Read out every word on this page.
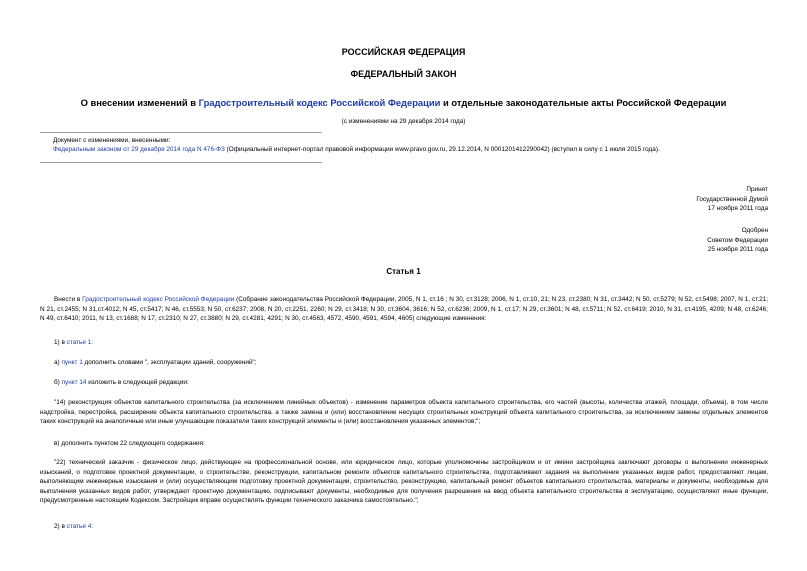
РОССИЙСКАЯ ФЕДЕРАЦИЯ
ФЕДЕРАЛЬНЫЙ ЗАКОН
О внесении изменений в Градостроительный кодекс Российской Федерации и отдельные законодательные акты Российской Федерации
(с изменениями на 29 декабря 2014 года)
Документ с изменениями, внесенными:
Федеральным законом от 29 декабря 2014 года N 476-ФЗ (Официальный интернет-портал правовой информации www.pravo.gov.ru, 29.12.2014, N 0001201412290042) (вступил в силу с 1 июля 2015 года).
Принят
Государственной Думой
17 ноября 2011 года
Одобрен
Советом Федерации
25 ноября 2011 года
Статья 1
Внести в Градостроительный кодекс Российской Федерации (Собрание законодательства Российской Федерации, 2005, N 1, ст.16 ; N 30, ст.3128; 2006, N 1, ст.10, 21; N 23, ст.2380; N 31, ст.3442; N 50, ст.5279; N 52, ст.5498; 2007, N 1, ст.21; N 21, ст.2455; N 31,ст.4012; N 45, ст.5417; N 46, ст.5553; N 50, ст.6237; 2008, N 20, ст.2251, 2260; N 29, ст.3418; N 30, ст.3604, 3616; N 52, ст.6236; 2009, N 1, ст.17; N 29, ст.3601; N 48, ст.5711; N 52, ст.6419; 2010, N 31, ст.4195, 4209; N 48, ст.6246; N 49, ст.6410; 2011, N 13, ст.1688; N 17, ст.2310; N 27, ст.3880; N 29, ст.4281, 4291; N 30, ст.4563, 4572, 4590, 4591, 4594, 4605) следующие изменения:
1) в статье 1:
а) пункт 1 дополнить словами ", эксплуатации зданий, сооружений";
б) пункт 14 изложить в следующей редакции:
"14) реконструкция объектов капитального строительства (за исключением линейных объектов) - изменение параметров объекта капитального строительства, его частей (высоты, количества этажей, площади, объема), в том числе надстройка, перестройка, расширение объекта капитального строительства, а также замена и (или) восстановление несущих строительных конструкций объекта капитального строительства, за исключением замены отдельных элементов таких конструкций на аналогичные или иные улучшающие показатели таких конструкций элементы и (или) восстановления указанных элементов;";
в) дополнить пунктом 22 следующего содержания:
"22) технический заказчик - физическое лицо, действующее на профессиональной основе, или юридическое лицо, которые уполномочены застройщиком и от имени застройщика заключают договоры о выполнении инженерных изысканий, о подготовке проектной документации, о строительстве, реконструкции, капитальном ремонте объектов капитального строительства, подготавливают задания на выполнение указанных видов работ, предоставляют лицам, выполняющим инженерные изыскания и (или) осуществляющим подготовку проектной документации, строительство, реконструкцию, капитальный ремонт объектов капитального строительства, материалы и документы, необходимые для выполнения указанных видов работ, утверждают проектную документацию, подписывают документы, необходимые для получения разрешения на ввод объекта капитального строительства в эксплуатацию, осуществляют иные функции, предусмотренные настоящим Кодексом. Застройщик вправе осуществлять функции технического заказчика самостоятельно.";
2) в статье 4:
